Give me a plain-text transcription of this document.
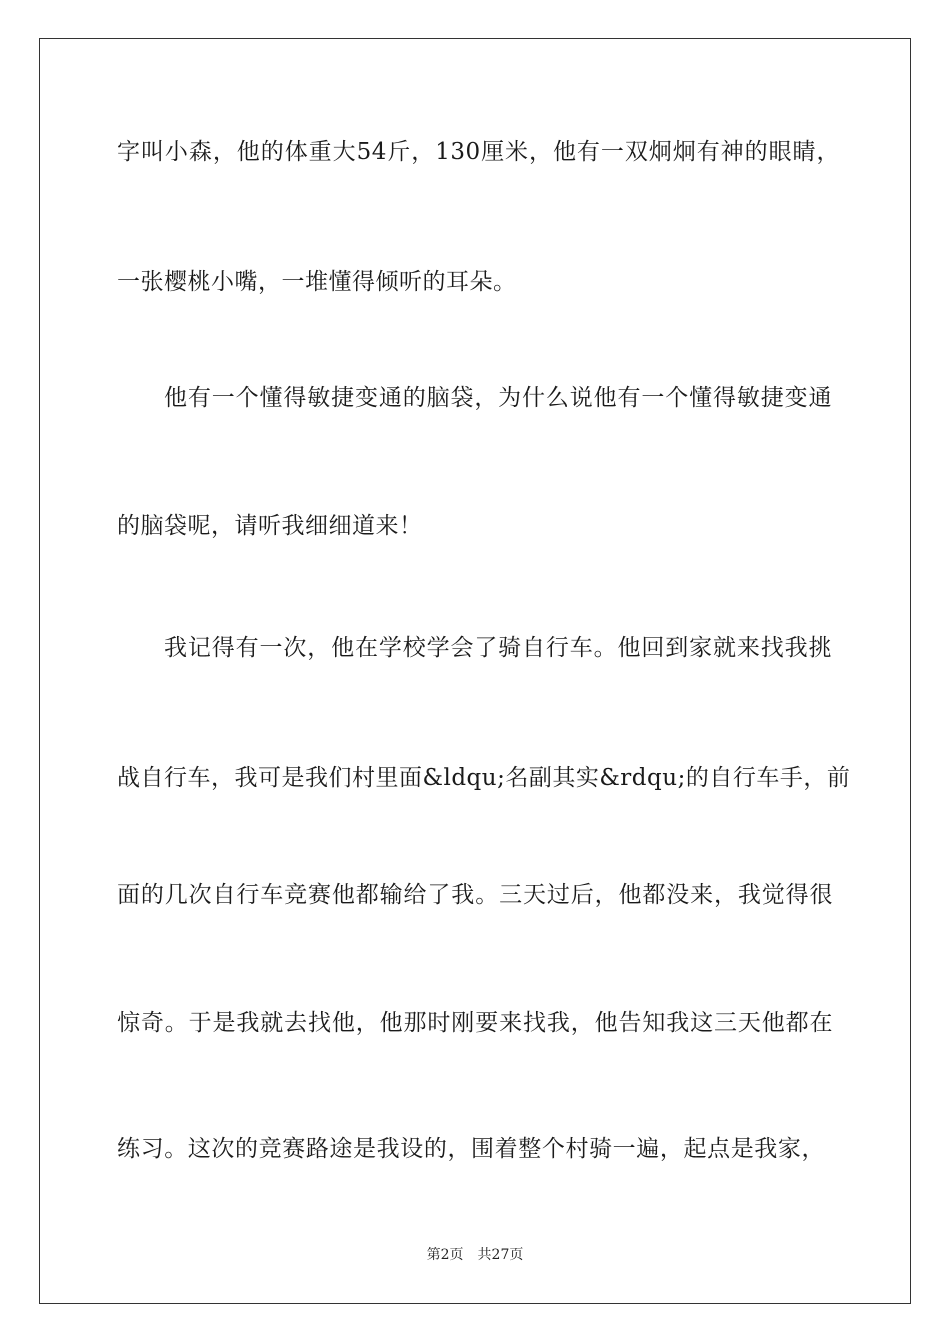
字叫小森，他的体重大54斤，130厘米，他有一双炯炯有神的眼睛，
一张樱桃小嘴，一堆懂得倾听的耳朵。
他有一个懂得敏捷变通的脑袋，为什么说他有一个懂得敏捷变通
的脑袋呢，请听我细细道来！
我记得有一次，他在学校学会了骑自行车。他回到家就来找我挑
战自行车，我可是我们村里面&ldqu;名副其实&rdqu;的自行车手，前
面的几次自行车竞赛他都输给了我。三天过后，他都没来，我觉得很
惊奇。于是我就去找他，他那时刚要来找我，他告知我这三天他都在
练习。这次的竞赛路途是我设的，围着整个村骑一遍，起点是我家，
第2页 共27页
